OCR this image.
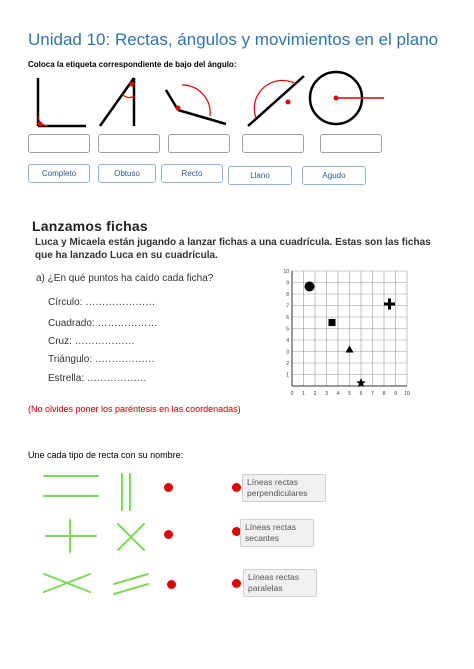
Unidad 10: Rectas, ángulos y movimientos en el plano
Coloca la etiqueta correspondiente de bajo del ángulo:
Completo	Obtuso	Recto	Llano	Agudo
Lanzamos fichas
Luca y Micaela están jugando a lanzar fichas a una cuadrícula. Estas son las fichas que ha lanzado Luca en su cuadrícula.
a) ¿En qué puntos ha caído cada ficha?
Círculo: …………………
Cuadrado: ………………
Cruz: ………………
Triángulo: ………………
Estrella: ………………
0 1 2 3 4 5 6 7 8 9 10
1
2
3
4
5
6
7
8
9
10
(No olvides poner los paréntesis en las coordenadas)
Une cada tipo de recta con su nombre:
Líneas rectas perpendiculares
Líneas rectas secantes
Líneas rectas paralelas
